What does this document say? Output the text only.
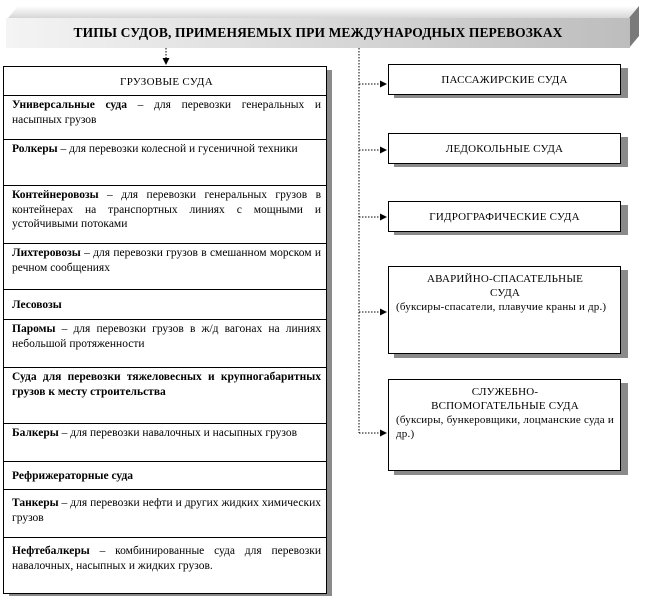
ТИПЫ СУДОВ, ПРИМЕНЯЕМЫХ ПРИ МЕЖДУНАРОДНЫХ ПЕРЕВОЗКАХ
ГРУЗОВЫЕ СУДА
Универсальные суда – для перевозки генеральных и насыпных грузов
Ролкеры – для перевозки колесной и гусеничной техники
Контейнеровозы – для перевозки генеральных грузов в контейнерах на транспортных линиях с мощными и устойчивыми потоками
Лихтеровозы – для перевозки грузов в смешанном морском и речном сообщениях
Лесовозы
Паромы – для перевозки грузов в ж/д вагонах на линиях небольшой протяженности
Суда для перевозки тяжеловесных и крупногабаритных грузов к месту строительства
Балкеры – для перевозки навалочных и насыпных грузов
Рефрижераторные суда
Танкеры – для перевозки нефти и других жидких химических грузов
Нефтебалкеры – комбинированные суда для перевозки навалочных, насыпных и жидких грузов.
ПАССАЖИРСКИЕ СУДА
ЛЕДОКОЛЬНЫЕ СУДА
ГИДРОГРАФИЧЕСКИЕ СУДА
АВАРИЙНО-СПАСАТЕЛЬНЫЕ
СУДА
(буксиры-спасатели, плавучие краны и др.)
СЛУЖЕБНО-
ВСПОМОГАТЕЛЬНЫЕ СУДА
(буксиры, бункеровщики, лоцманские суда и др.)
